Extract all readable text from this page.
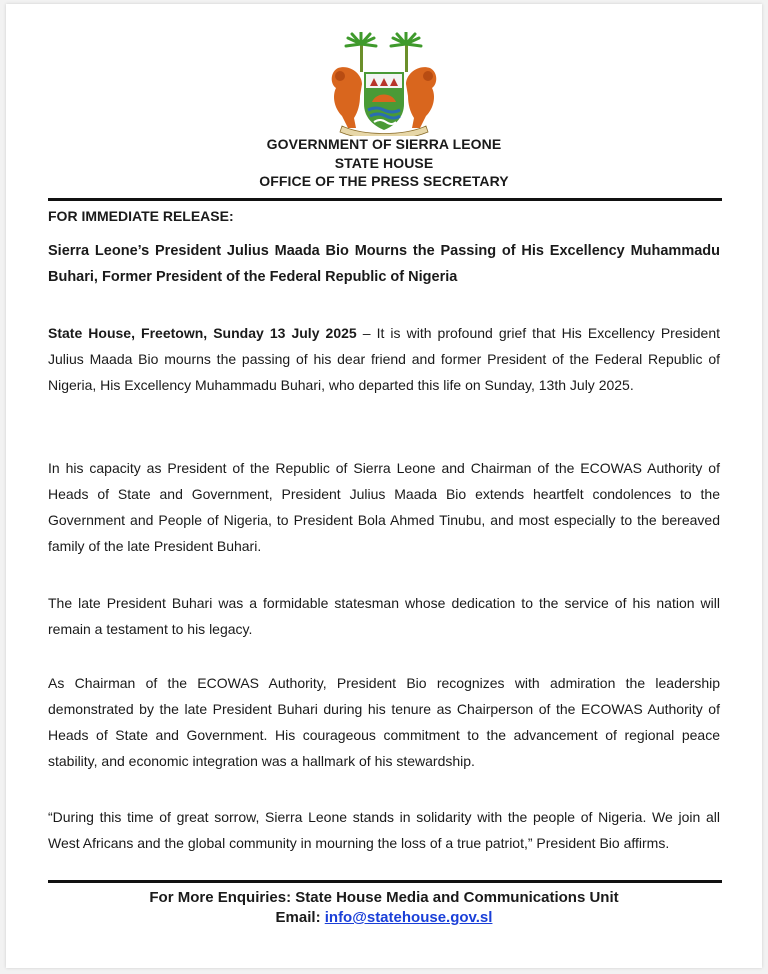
GOVERNMENT OF SIERRA LEONE
STATE HOUSE
OFFICE OF THE PRESS SECRETARY
FOR IMMEDIATE RELEASE:
Sierra Leone’s President Julius Maada Bio Mourns the Passing of His Excellency Muhammadu Buhari, Former President of the Federal Republic of Nigeria
State House, Freetown, Sunday 13 July 2025 – It is with profound grief that His Excellency President Julius Maada Bio mourns the passing of his dear friend and former President of the Federal Republic of Nigeria, His Excellency Muhammadu Buhari, who departed this life on Sunday, 13th July 2025.
In his capacity as President of the Republic of Sierra Leone and Chairman of the ECOWAS Authority of Heads of State and Government, President Julius Maada Bio extends heartfelt condolences to the Government and People of Nigeria, to President Bola Ahmed Tinubu, and most especially to the bereaved family of the late President Buhari.
The late President Buhari was a formidable statesman whose dedication to the service of his nation will remain a testament to his legacy.
As Chairman of the ECOWAS Authority, President Bio recognizes with admiration the leadership demonstrated by the late President Buhari during his tenure as Chairperson of the ECOWAS Authority of Heads of State and Government. His courageous commitment to the advancement of regional peace stability, and economic integration was a hallmark of his stewardship.
“During this time of great sorrow, Sierra Leone stands in solidarity with the people of Nigeria. We join all West Africans and the global community in mourning the loss of a true patriot,” President Bio affirms.
For More Enquiries: State House Media and Communications Unit
Email: info@statehouse.gov.sl
